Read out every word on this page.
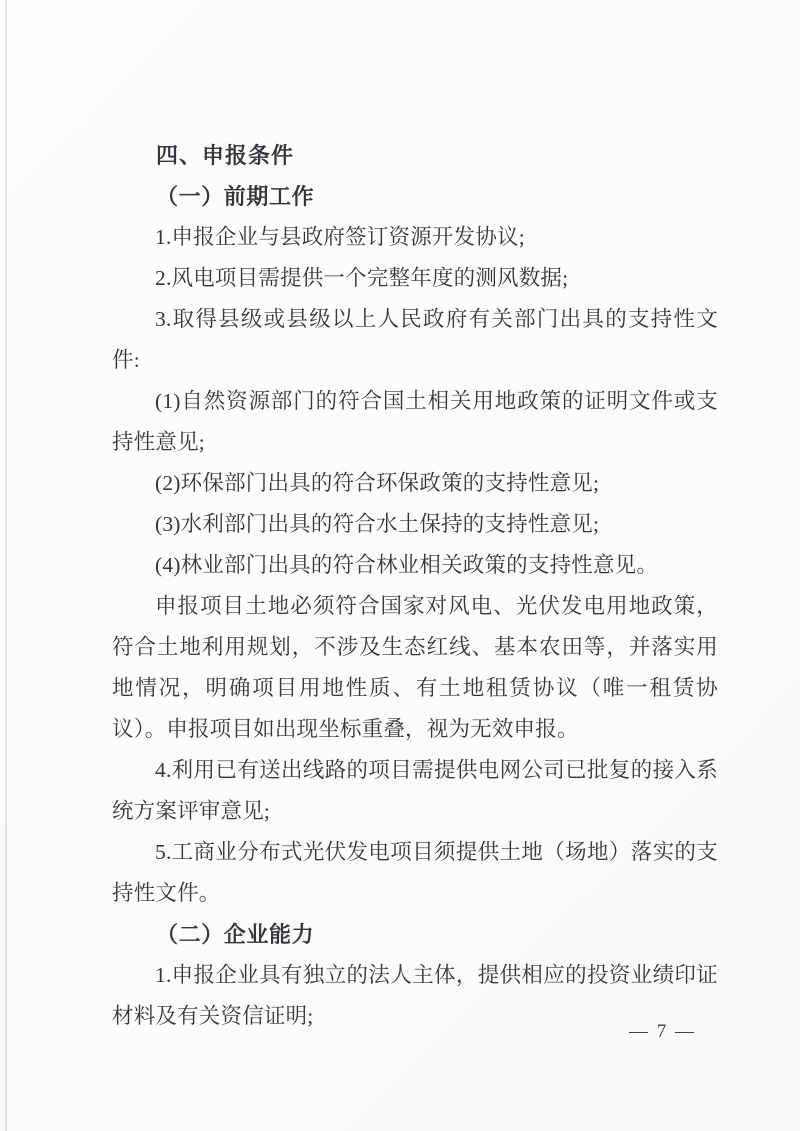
四、申报条件

（一）前期工作

1.申报企业与县政府签订资源开发协议;

2.风电项目需提供一个完整年度的测风数据;

3.取得县级或县级以上人民政府有关部门出具的支持性文件:

(1)自然资源部门的符合国土相关用地政策的证明文件或支持性意见;

(2)环保部门出具的符合环保政策的支持性意见;

(3)水利部门出具的符合水土保持的支持性意见;

(4)林业部门出具的符合林业相关政策的支持性意见。

申报项目土地必须符合国家对风电、光伏发电用地政策，符合土地利用规划，不涉及生态红线、基本农田等，并落实用地情况，明确项目用地性质、有土地租赁协议（唯一租赁协议）。申报项目如出现坐标重叠，视为无效申报。

4.利用已有送出线路的项目需提供电网公司已批复的接入系统方案评审意见;

5.工商业分布式光伏发电项目须提供土地（场地）落实的支持性文件。

（二）企业能力

1.申报企业具有独立的法人主体，提供相应的投资业绩印证材料及有关资信证明;

— 7 —
